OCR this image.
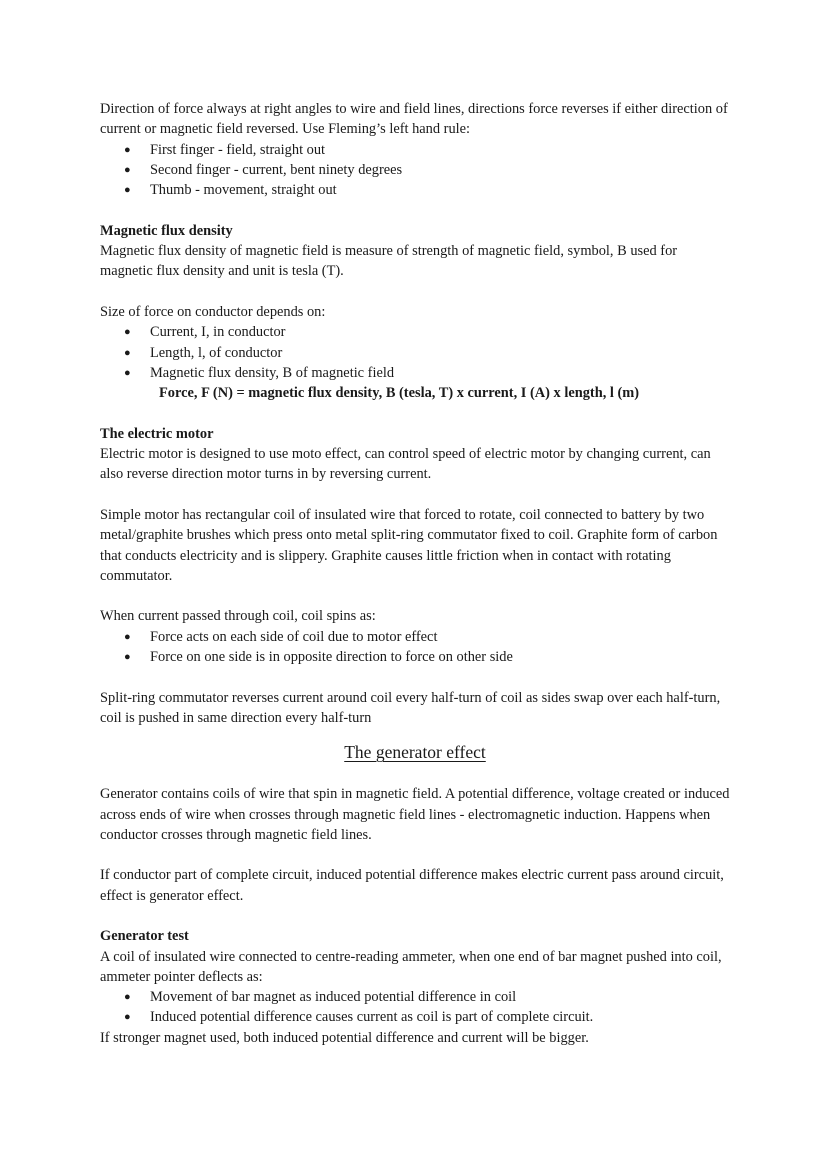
Direction of force always at right angles to wire and field lines, directions force reverses if either direction of current or magnetic field reversed. Use Fleming’s left hand rule:

● First finger - field, straight out
● Second finger - current, bent ninety degrees
● Thumb - movement, straight out

Magnetic flux density

Magnetic flux density of magnetic field is measure of strength of magnetic field, symbol, B used for magnetic flux density and unit is tesla (T).

Size of force on conductor depends on:

● Current, I, in conductor
● Length, l, of conductor
● Magnetic flux density, B of magnetic field

Force, F (N) = magnetic flux density, B (tesla, T) x current, I (A) x length, l (m)

The electric motor

Electric motor is designed to use moto effect, can control speed of electric motor by changing current, can also reverse direction motor turns in by reversing current.

Simple motor has rectangular coil of insulated wire that forced to rotate, coil connected to battery by two metal/graphite brushes which press onto metal split-ring commutator fixed to coil. Graphite form of carbon that conducts electricity and is slippery. Graphite causes little friction when in contact with rotating commutator.

When current passed through coil, coil spins as:

● Force acts on each side of coil due to motor effect
● Force on one side is in opposite direction to force on other side

Split-ring commutator reverses current around coil every half-turn of coil as sides swap over each half-turn, coil is pushed in same direction every half-turn

The generator effect

Generator contains coils of wire that spin in magnetic field. A potential difference, voltage created or induced across ends of wire when crosses through magnetic field lines - electromagnetic induction. Happens when conductor crosses through magnetic field lines.

If conductor part of complete circuit, induced potential difference makes electric current pass around circuit, effect is generator effect.

Generator test

A coil of insulated wire connected to centre-reading ammeter, when one end of bar magnet pushed into coil, ammeter pointer deflects as:

● Movement of bar magnet as induced potential difference in coil
● Induced potential difference causes current as coil is part of complete circuit.

If stronger magnet used, both induced potential difference and current will be bigger.
